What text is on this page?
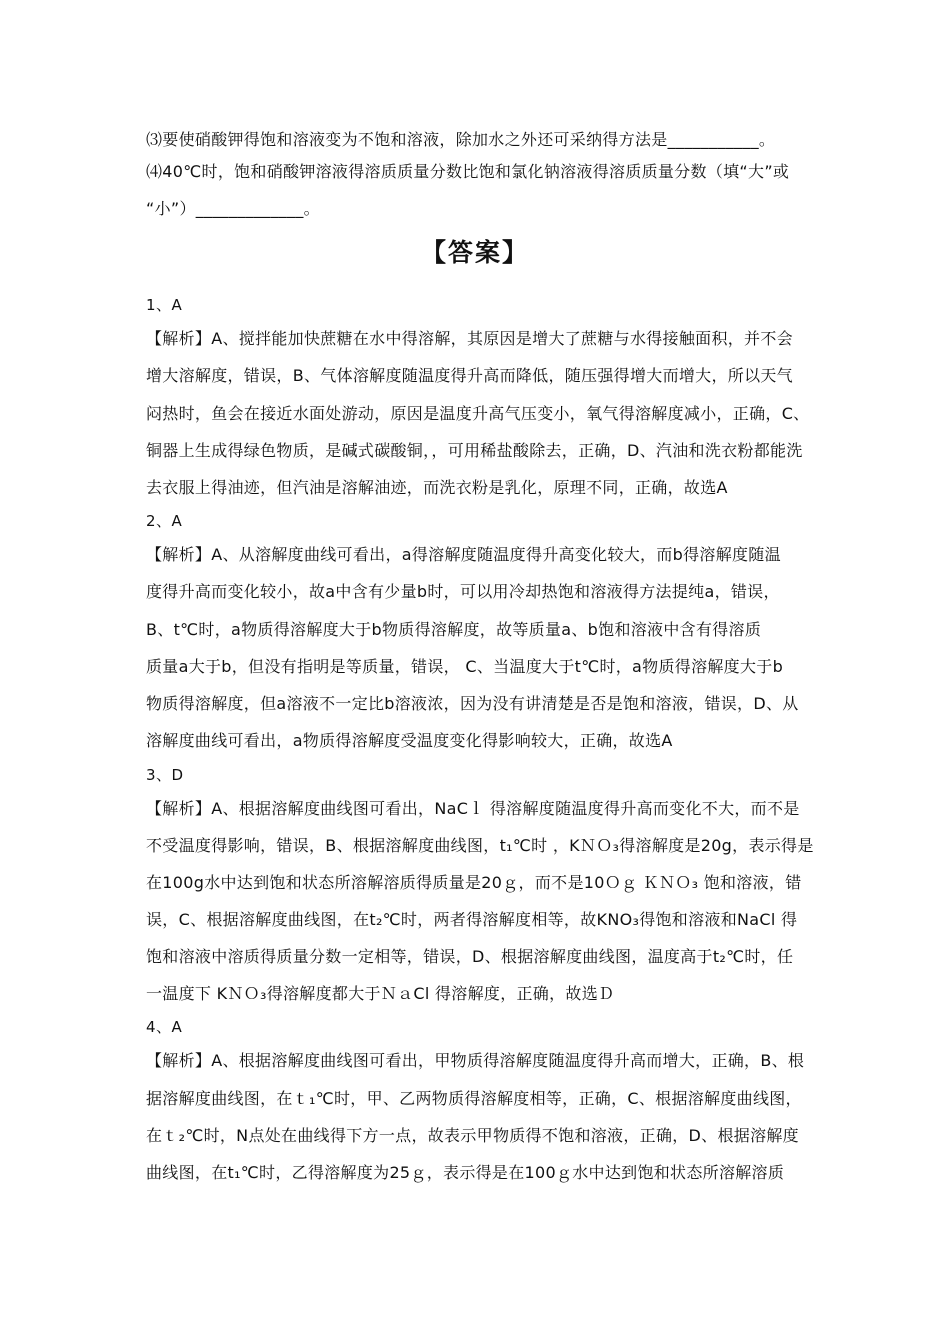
⑶要使硝酸钾得饱和溶液变为不饱和溶液，除加水之外还可采纳得方法是___________。
⑷40℃时，饱和硝酸钾溶液得溶质质量分数比饱和氯化钠溶液得溶质质量分数（填“大”或
“小”）_____________。
【答案】
1、A
【解析】A、搅拌能加快蔗糖在水中得溶解，其原因是增大了蔗糖与水得接触面积，并不会
增大溶解度，错误，B、气体溶解度随温度得升高而降低，随压强得增大而增大，所以天气
闷热时，鱼会在接近水面处游动，原因是温度升高气压变小，氧气得溶解度减小，正确，C、
铜器上生成得绿色物质，是碱式碳酸铜，，可用稀盐酸除去，正确，D、汽油和洗衣粉都能洗
去衣服上得油迹，但汽油是溶解油迹，而洗衣粉是乳化，原理不同，正确，故选A
2、A
【解析】A、从溶解度曲线可看出，a得溶解度随温度得升高变化较大，而b得溶解度随温
度得升高而变化较小，故a中含有少量b时，可以用冷却热饱和溶液得方法提纯a，错误，
B、t℃时，a物质得溶解度大于b物质得溶解度，故等质量a、b饱和溶液中含有得溶质
质量a大于b，但没有指明是等质量，错误， C、当温度大于t℃时，a物质得溶解度大于b
物质得溶解度，但a溶液不一定比b溶液浓，因为没有讲清楚是否是饱和溶液，错误，D、从
溶解度曲线可看出，a物质得溶解度受温度变化得影响较大，正确，故选A
3、D
【解析】A、根据溶解度曲线图可看出，NaCｌ 得溶解度随温度得升高而变化不大，而不是
不受温度得影响，错误，B、根据溶解度曲线图，t₁℃时 ，KＮＯ₃得溶解度是20g，表示得是
在100g水中达到饱和状态所溶解溶质得质量是20ｇ，而不是10Ｏｇ ＫＮＯ₃ 饱和溶液，错
误，C、根据溶解度曲线图，在t₂℃时，两者得溶解度相等，故KNO₃得饱和溶液和NaCl 得
饱和溶液中溶质得质量分数一定相等，错误，D、根据溶解度曲线图，温度高于t₂℃时，任
一温度下 KＮＯ₃得溶解度都大于ＮａCl 得溶解度，正确，故选Ｄ
4、A
【解析】A、根据溶解度曲线图可看出，甲物质得溶解度随温度得升高而增大，正确，B、根
据溶解度曲线图，在ｔ₁℃时，甲、乙两物质得溶解度相等，正确，C、根据溶解度曲线图，
在ｔ₂℃时，N点处在曲线得下方一点，故表示甲物质得不饱和溶液，正确，D、根据溶解度
曲线图，在t₁℃时，乙得溶解度为25ｇ，表示得是在100ｇ水中达到饱和状态所溶解溶质
